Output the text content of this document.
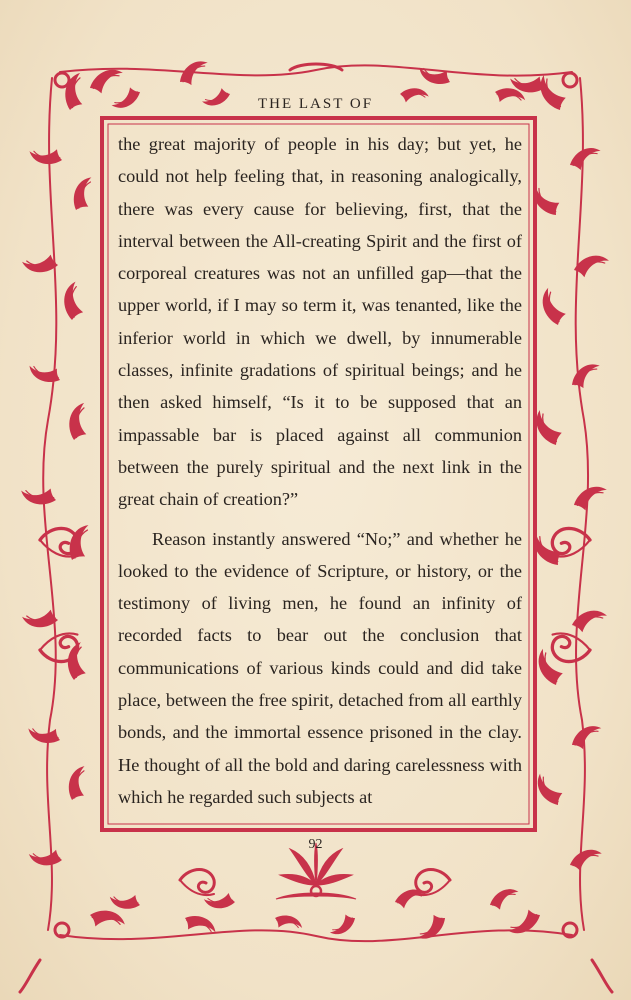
THE LAST OF

the great majority of people in his day; but yet, he could not help feeling that, in reasoning analogically, there was every cause for believing, first, that the interval between the All-creating Spirit and the first of corporeal creatures was not an unfilled gap—that the upper world, if I may so term it, was tenanted, like the inferior world in which we dwell, by innumerable classes, infinite gradations of spiritual beings; and he then asked himself, “Is it to be supposed that an impassable bar is placed against all communion between the purely spiritual and the next link in the great chain of creation?”

Reason instantly answered “No;” and whether he looked to the evidence of Scripture, or history, or the testimony of living men, he found an infinity of recorded facts to bear out the conclusion that communications of various kinds could and did take place, between the free spirit, detached from all earthly bonds, and the immortal essence prisoned in the clay. He thought of all the bold and daring carelessness with which he regarded such subjects at

92
